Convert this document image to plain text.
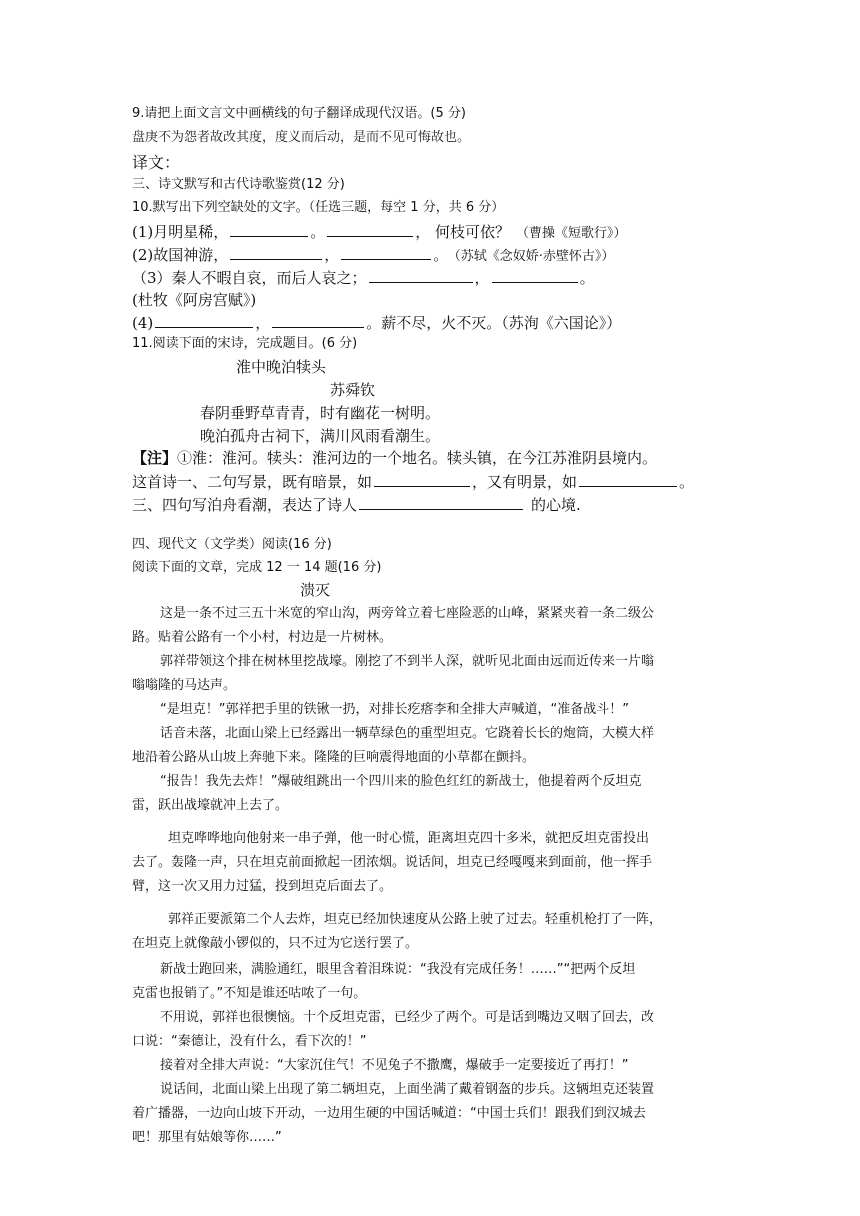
9.请把上面文言文中画横线的句子翻译成现代汉语。(5 分)
盘庚不为怨者故改其度，度义而后动，是而不见可悔故也。
译文：
三、诗文默写和古代诗歌鉴赏(12 分)
10.默写出下列空缺处的文字。（任选三题，每空 1 分，共 6 分）
(1)月明星稀，	。	， 何枝可依？ （曹操《短歌行》）
(2)故国神游，	，	。 （苏轼《念奴娇·赤壁怀古》）
（3）秦人不暇自哀，而后人哀之；	，	。
(杜牧《阿房宫赋》)
(4)	，	。薪不尽，火不灭。（苏洵《六国论》）
11.阅读下面的宋诗，完成题目。(6 分)
淮中晚泊犊头
苏舜钦
春阴垂野草青青，时有幽花一树明。
晚泊孤舟古祠下，满川风雨看潮生。
【注】①淮：淮河。犊头：淮河边的一个地名。犊头镇，在今江苏淮阴县境内。
这首诗一、二句写景，既有暗景，如	，又有明景，如	。
三、四句写泊舟看潮，表达了诗人	的心境.
四、现代文（文学类）阅读(16 分)
阅读下面的文章，完成 12 一 14 题(16 分)
溃灭
这是一条不过三五十米宽的窄山沟，两旁耸立着七座险恶的山峰，紧紧夹着一条二级公
路。贴着公路有一个小村，村边是一片树林。
郭祥带领这个排在树林里挖战壕。刚挖了不到半人深，就听见北面由远而近传来一片嗡
嗡嗡隆的马达声。
“是坦克！”郭祥把手里的铁锹一扔，对排长疙瘩李和全排大声喊道，“准备战斗！”
话音未落，北面山梁上已经露出一辆草绿色的重型坦克。它跷着长长的炮筒，大模大样
地沿着公路从山坡上奔驰下来。隆隆的巨响震得地面的小草都在颤抖。
“报告！我先去炸！”爆破组跳出一个四川来的脸色红红的新战士，他提着两个反坦克
雷，跃出战壕就冲上去了。
坦克哗哗地向他射来一串子弹，他一时心慌，距离坦克四十多米，就把反坦克雷投出
去了。轰隆一声，只在坦克前面掀起一团浓烟。说话间，坦克已经嘎嘎来到面前，他一挥手
臂，这一次又用力过猛，投到坦克后面去了。
郭祥正要派第二个人去炸，坦克已经加快速度从公路上驶了过去。轻重机枪打了一阵，
在坦克上就像敲小锣似的，只不过为它送行罢了。
新战士跑回来，满脸通红，眼里含着泪珠说：“我没有完成任务！……”“把两个反坦
克雷也报销了。”不知是谁还咕哝了一句。
不用说，郭祥也很懊恼。十个反坦克雷，已经少了两个。可是话到嘴边又咽了回去，改
口说：“秦德让，没有什么，看下次的！”
接着对全排大声说：“大家沉住气！不见兔子不撒鹰，爆破手一定要接近了再打！”
说话间，北面山梁上出现了第二辆坦克，上面坐满了戴着钢盔的步兵。这辆坦克还装置
着广播器，一边向山坡下开动，一边用生硬的中国话喊道：“中国士兵们！跟我们到汉城去
吧！那里有姑娘等你……”
